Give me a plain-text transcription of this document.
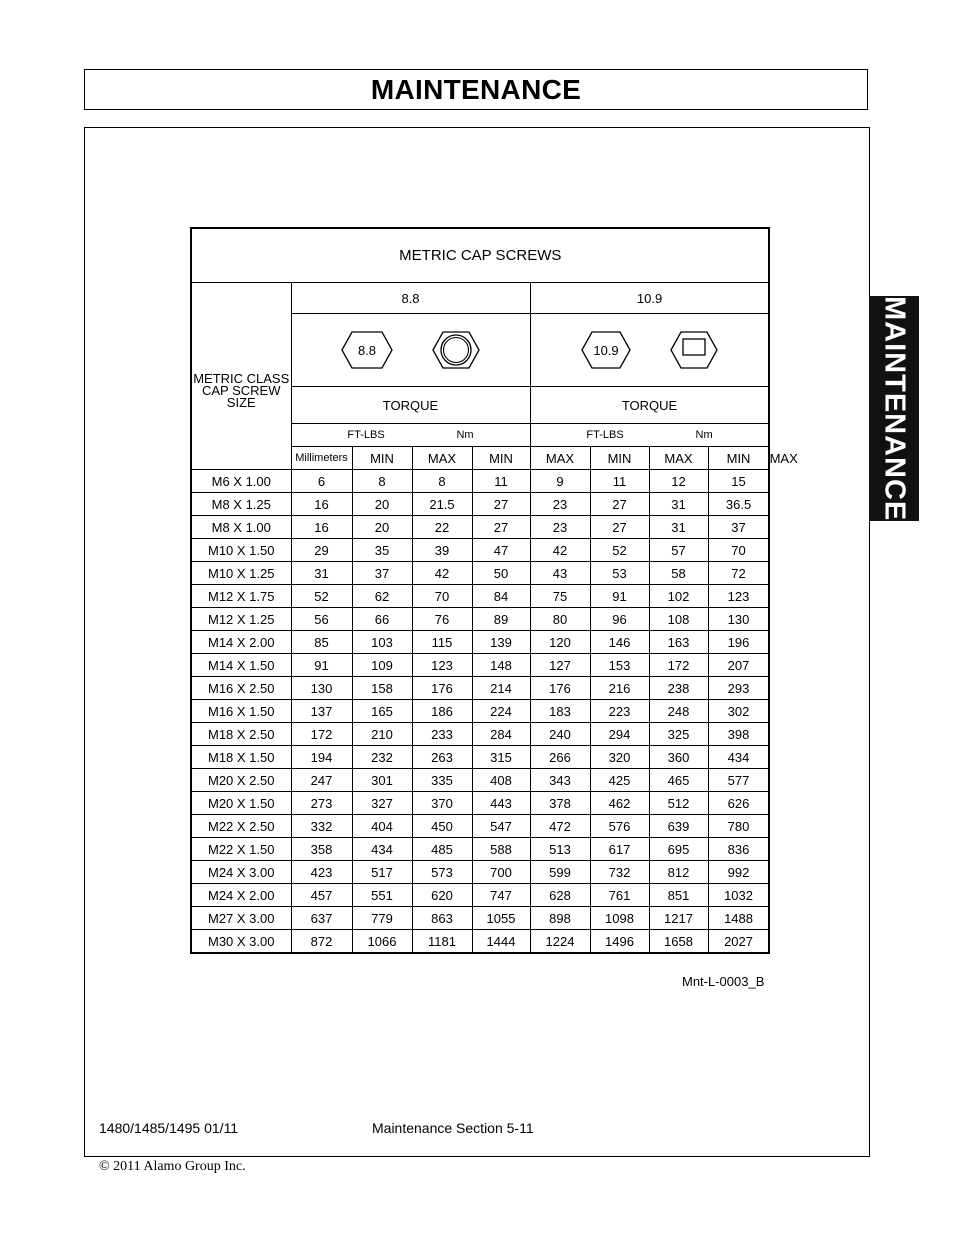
MAINTENANCE
MAINTENANCE
METRIC CAP SCREWS									
METRIC CLASS CAP SCREW SIZE	8.8				10.9				

8.8				10.9				

	TORQUE				TORQUE				

	FT-LBS Nm				FT-LBS Nm				

	Millimeters	MIN	MAX	MIN	MAX	MIN	MAX	MIN	MAX
M6 X 1.00	6	8	8	11	9	11	12	15	
M8 X 1.25	16	20	21.5	27	23	27	31	36.5	
M8 X 1.00	16	20	22	27	23	27	31	37	
M10 X 1.50	29	35	39	47	42	52	57	70	
M10 X 1.25	31	37	42	50	43	53	58	72	
M12 X 1.75	52	62	70	84	75	91	102	123	
M12 X 1.25	56	66	76	89	80	96	108	130	
M14 X 2.00	85	103	115	139	120	146	163	196	
M14 X 1.50	91	109	123	148	127	153	172	207	
M16 X 2.50	130	158	176	214	176	216	238	293	
M16 X 1.50	137	165	186	224	183	223	248	302	
M18 X 2.50	172	210	233	284	240	294	325	398	
M18 X 1.50	194	232	263	315	266	320	360	434	
M20 X 2.50	247	301	335	408	343	425	465	577	
M20 X 1.50	273	327	370	443	378	462	512	626	
M22 X 2.50	332	404	450	547	472	576	639	780	
M22 X 1.50	358	434	485	588	513	617	695	836	
M24 X 3.00	423	517	573	700	599	732	812	992	
M24 X 2.00	457	551	620	747	628	761	851	1032	
M27 X 3.00	637	779	863	1055	898	1098	1217	1488	
M30 X 3.00	872	1066	1181	1444	1224	1496	1658	2027	
Mnt-L-0003_B
1480/1485/1495 01/11	Maintenance Section 5-11
© 2011 Alamo Group Inc.
